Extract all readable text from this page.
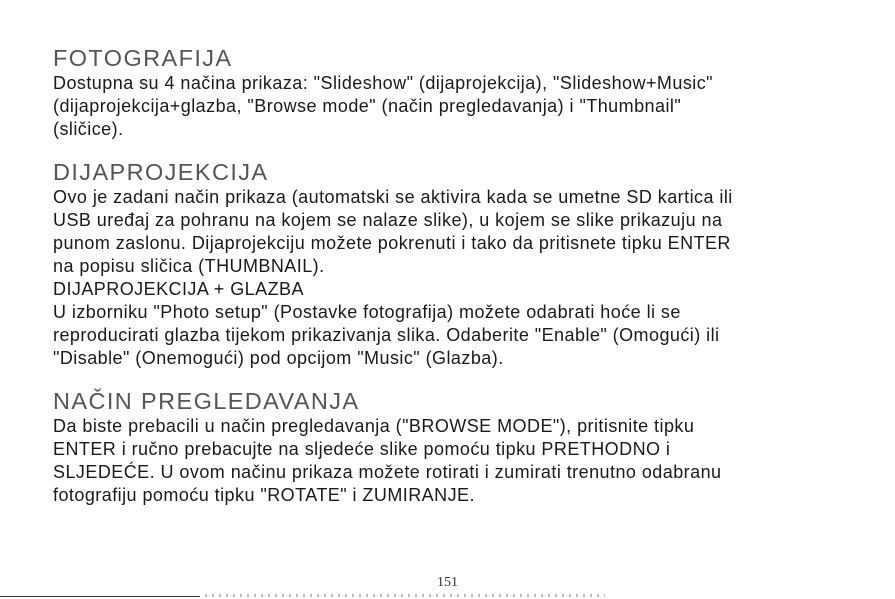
FOTOGRAFIJA

Dostupna su 4 načina prikaza: "Slideshow" (dijaprojekcija), "Slideshow+Music"
(dijaprojekcija+glazba, "Browse mode" (način pregledavanja) i "Thumbnail"
(sličice).

DIJAPROJEKCIJA

Ovo je zadani način prikaza (automatski se aktivira kada se umetne SD kartica ili
USB uređaj za pohranu na kojem se nalaze slike), u kojem se slike prikazuju na
punom zaslonu. Dijaprojekciju možete pokrenuti i tako da pritisnete tipku ENTER
na popisu sličica (THUMBNAIL).
DIJAPROJEKCIJA + GLAZBA
U izborniku "Photo setup" (Postavke fotografija) možete odabrati hoće li se
reproducirati glazba tijekom prikazivanja slika. Odaberite "Enable" (Omogući) ili
"Disable" (Onemogući) pod opcijom "Music" (Glazba).

NAČIN PREGLEDAVANJA

Da biste prebacili u način pregledavanja ("BROWSE MODE"), pritisnite tipku
ENTER i ručno prebacujte na sljedeće slike pomoću tipku PRETHODNO i
SLJEDEĆE. U ovom načinu prikaza možete rotirati i zumirati trenutno odabranu
fotografiju pomoću tipku "ROTATE" i ZUMIRANJE.

151
